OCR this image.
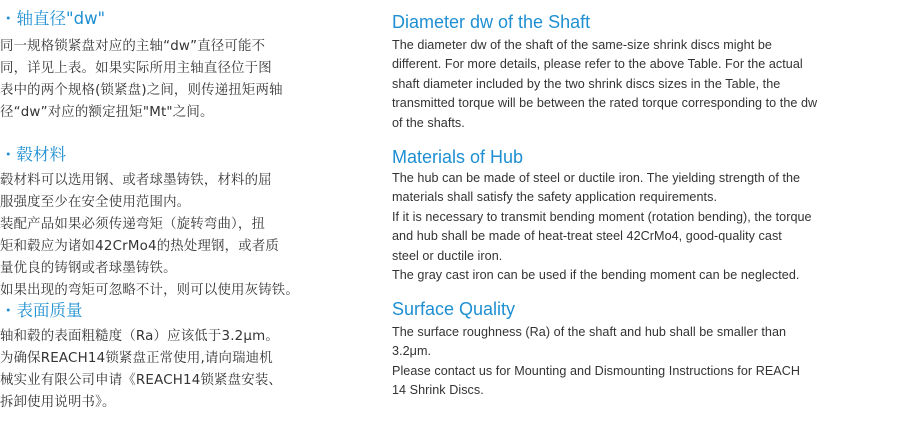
・轴直径"dw"

同一规格锁紧盘对应的主轴“dw”直径可能不
同，详见上表。如果实际所用主轴直径位于图
表中的两个规格(锁紧盘)之间，则传递扭矩两轴
径“dw”对应的额定扭矩"Mt"之间。

・毂材料

毂材料可以选用钢、或者球墨铸铁，材料的屈
服强度至少在安全使用范围内。

装配产品如果必须传递弯矩（旋转弯曲），扭
矩和毂应为诸如42CrMo4的热处理钢，或者质
量优良的铸钢或者球墨铸铁。

如果出现的弯矩可忽略不计，则可以使用灰铸铁。

・表面质量

轴和毂的表面粗糙度（Ra）应该低于3.2μm。

为确保REACH14锁紧盘正常使用,请向瑞迪机
械实业有限公司申请《REACH14锁紧盘安装、
拆卸使用说明书》。

Diameter dw of the Shaft

The diameter dw of the shaft of the same-size shrink discs might be
different. For more details, please refer to the above Table. For the actual
shaft diameter included by the two shrink discs sizes in the Table, the
transmitted torque will be between the rated torque corresponding to the dw
of the shafts.

Materials of Hub

The hub can be made of steel or ductile iron. The yielding strength of the
materials shall satisfy the safety application requirements.

If it is necessary to transmit bending moment (rotation bending), the torque
and hub shall be made of heat-treat steel 42CrMo4, good-quality cast
steel or ductile iron.

The gray cast iron can be used if the bending moment can be neglected.

Surface Quality

The surface roughness (Ra) of the shaft and hub shall be smaller than
3.2μm.

Please contact us for Mounting and Dismounting Instructions for REACH
14 Shrink Discs.
